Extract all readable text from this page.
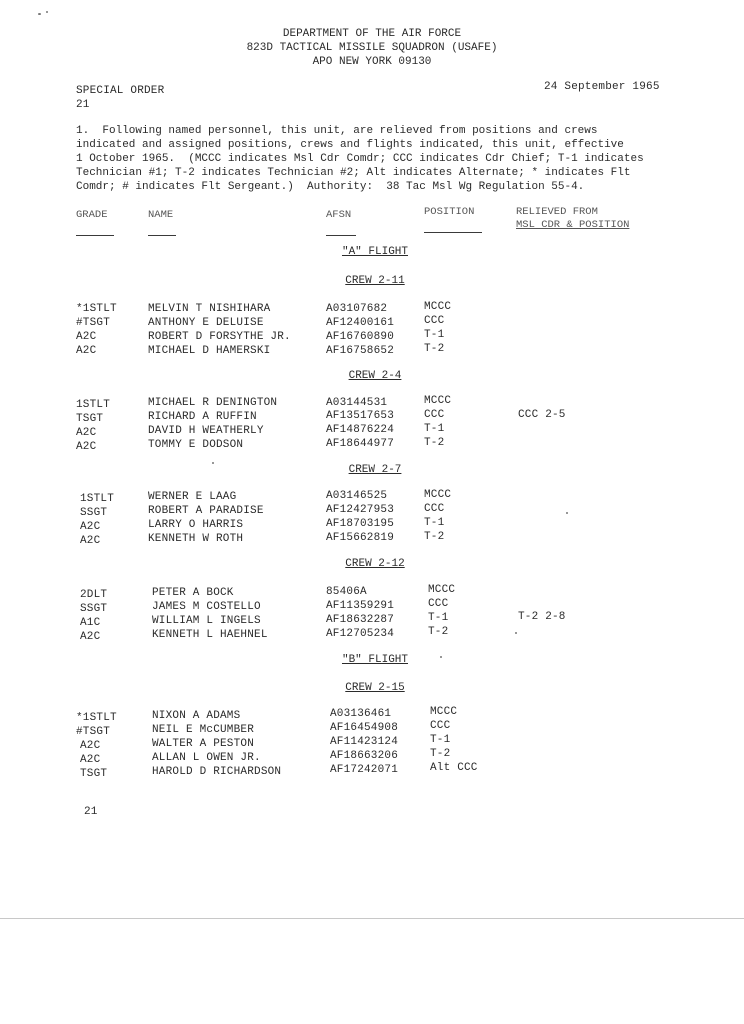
DEPARTMENT OF THE AIR FORCE
823D TACTICAL MISSILE SQUADRON (USAFE)
APO NEW YORK 09130
SPECIAL ORDER
21
24 September 1965
1.  Following named personnel, this unit, are relieved from positions and crews
indicated and assigned positions, crews and flights indicated, this unit, effective
1 October 1965.  (MCCC indicates Msl Cdr Comdr; CCC indicates Cdr Chief; T-1 indicates
Technician #1; T-2 indicates Technician #2; Alt indicates Alternate; * indicates Flt
Comdr; # indicates Flt Sergeant.)  Authority:  38 Tac Msl Wg Regulation 55-4.
GRADE	NAME	AFSN	POSITION	RELIEVED FROM
MSL CDR & POSITION
"A" FLIGHT
CREW 2-11
*1STLT	MELVIN T NISHIHARA	A03107682	MCCC
#TSGT	ANTHONY E DELUISE	AF12400161	CCC
A2C	ROBERT D FORSYTHE JR.	AF16760890	T-1
A2C	MICHAEL D HAMERSKI	AF16758652	T-2
CREW 2-4
1STLT	MICHAEL R DENINGTON	A03144531	MCCC
TSGT	RICHARD A RUFFIN	AF13517653	CCC	CCC 2-5
A2C	DAVID H WEATHERLY	AF14876224	T-1
A2C	TOMMY E DODSON	AF18644977	T-2
CREW 2-7
1STLT	WERNER E LAAG	A03146525	MCCC
SSGT	ROBERT A PARADISE	AF12427953	CCC
A2C	LARRY O HARRIS	AF18703195	T-1
A2C	KENNETH W ROTH	AF15662819	T-2
CREW 2-12
2DLT	PETER A BOCK	85406A	MCCC
SSGT	JAMES M COSTELLO	AF11359291	CCC
A1C	WILLIAM L INGELS	AF18632287	T-1	T-2 2-8
A2C	KENNETH L HAEHNEL	AF12705234	T-2
"B" FLIGHT
CREW 2-15
*1STLT	NIXON A ADAMS	A03136461	MCCC
#TSGT	NEIL E McCUMBER	AF16454908	CCC
A2C	WALTER A PESTON	AF11423124	T-1
A2C	ALLAN L OWEN JR.	AF18663206	T-2
TSGT	HAROLD D RICHARDSON	AF17242071	Alt CCC
21
